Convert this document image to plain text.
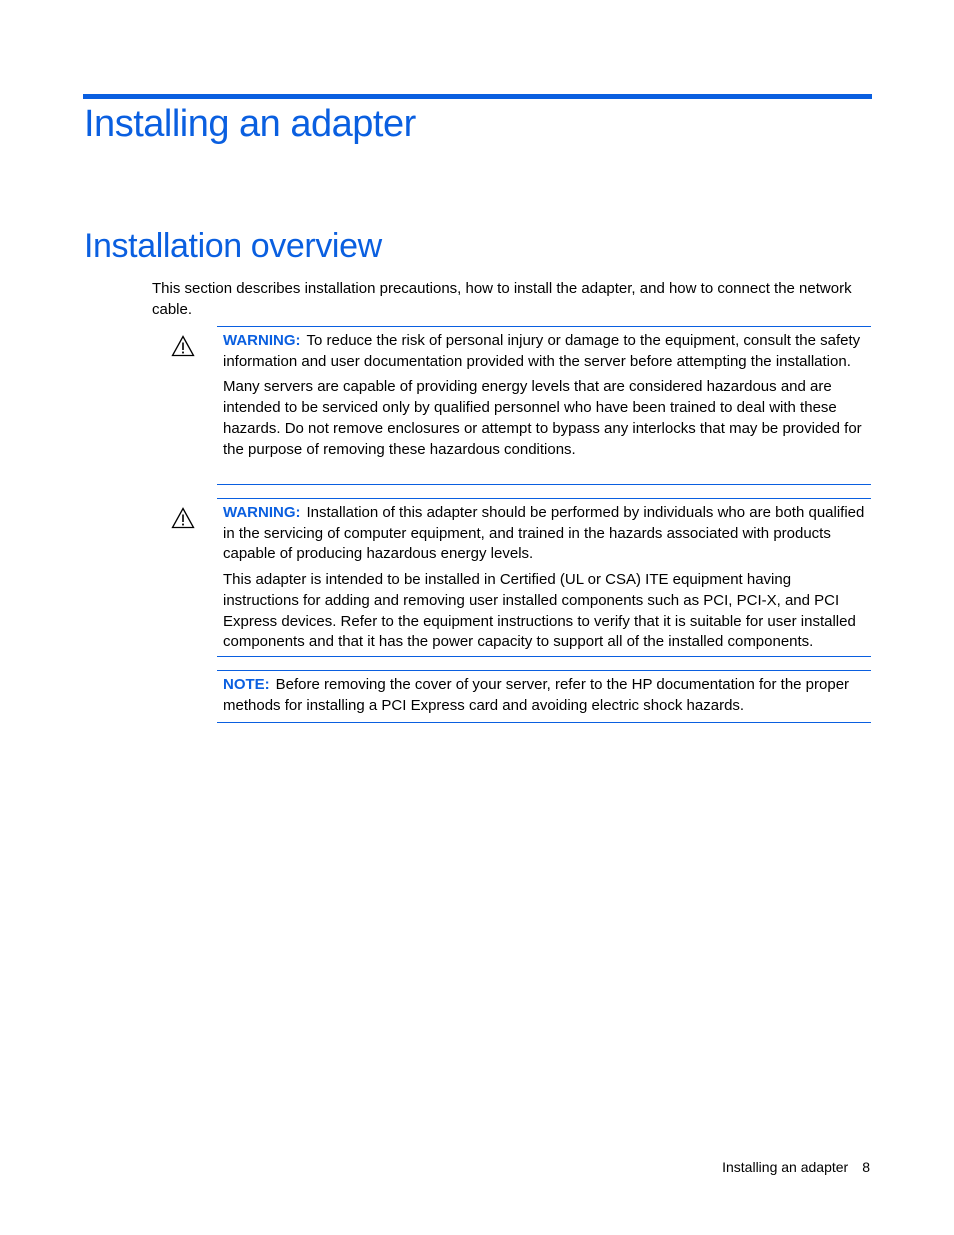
Installing an adapter
Installation overview

This section describes installation precautions, how to install the adapter, and how to connect the network cable.

WARNING: To reduce the risk of personal injury or damage to the equipment, consult the safety information and user documentation provided with the server before attempting the installation.

Many servers are capable of providing energy levels that are considered hazardous and are intended to be serviced only by qualified personnel who have been trained to deal with these hazards. Do not remove enclosures or attempt to bypass any interlocks that may be provided for the purpose of removing these hazardous conditions.

WARNING: Installation of this adapter should be performed by individuals who are both qualified in the servicing of computer equipment, and trained in the hazards associated with products capable of producing hazardous energy levels.

This adapter is intended to be installed in Certified (UL or CSA) ITE equipment having instructions for adding and removing user installed components such as PCI, PCI-X, and PCI Express devices. Refer to the equipment instructions to verify that it is suitable for user installed components and that it has the power capacity to support all of the installed components.

NOTE: Before removing the cover of your server, refer to the HP documentation for the proper methods for installing a PCI Express card and avoiding electric shock hazards.

Installing an adapter 8
